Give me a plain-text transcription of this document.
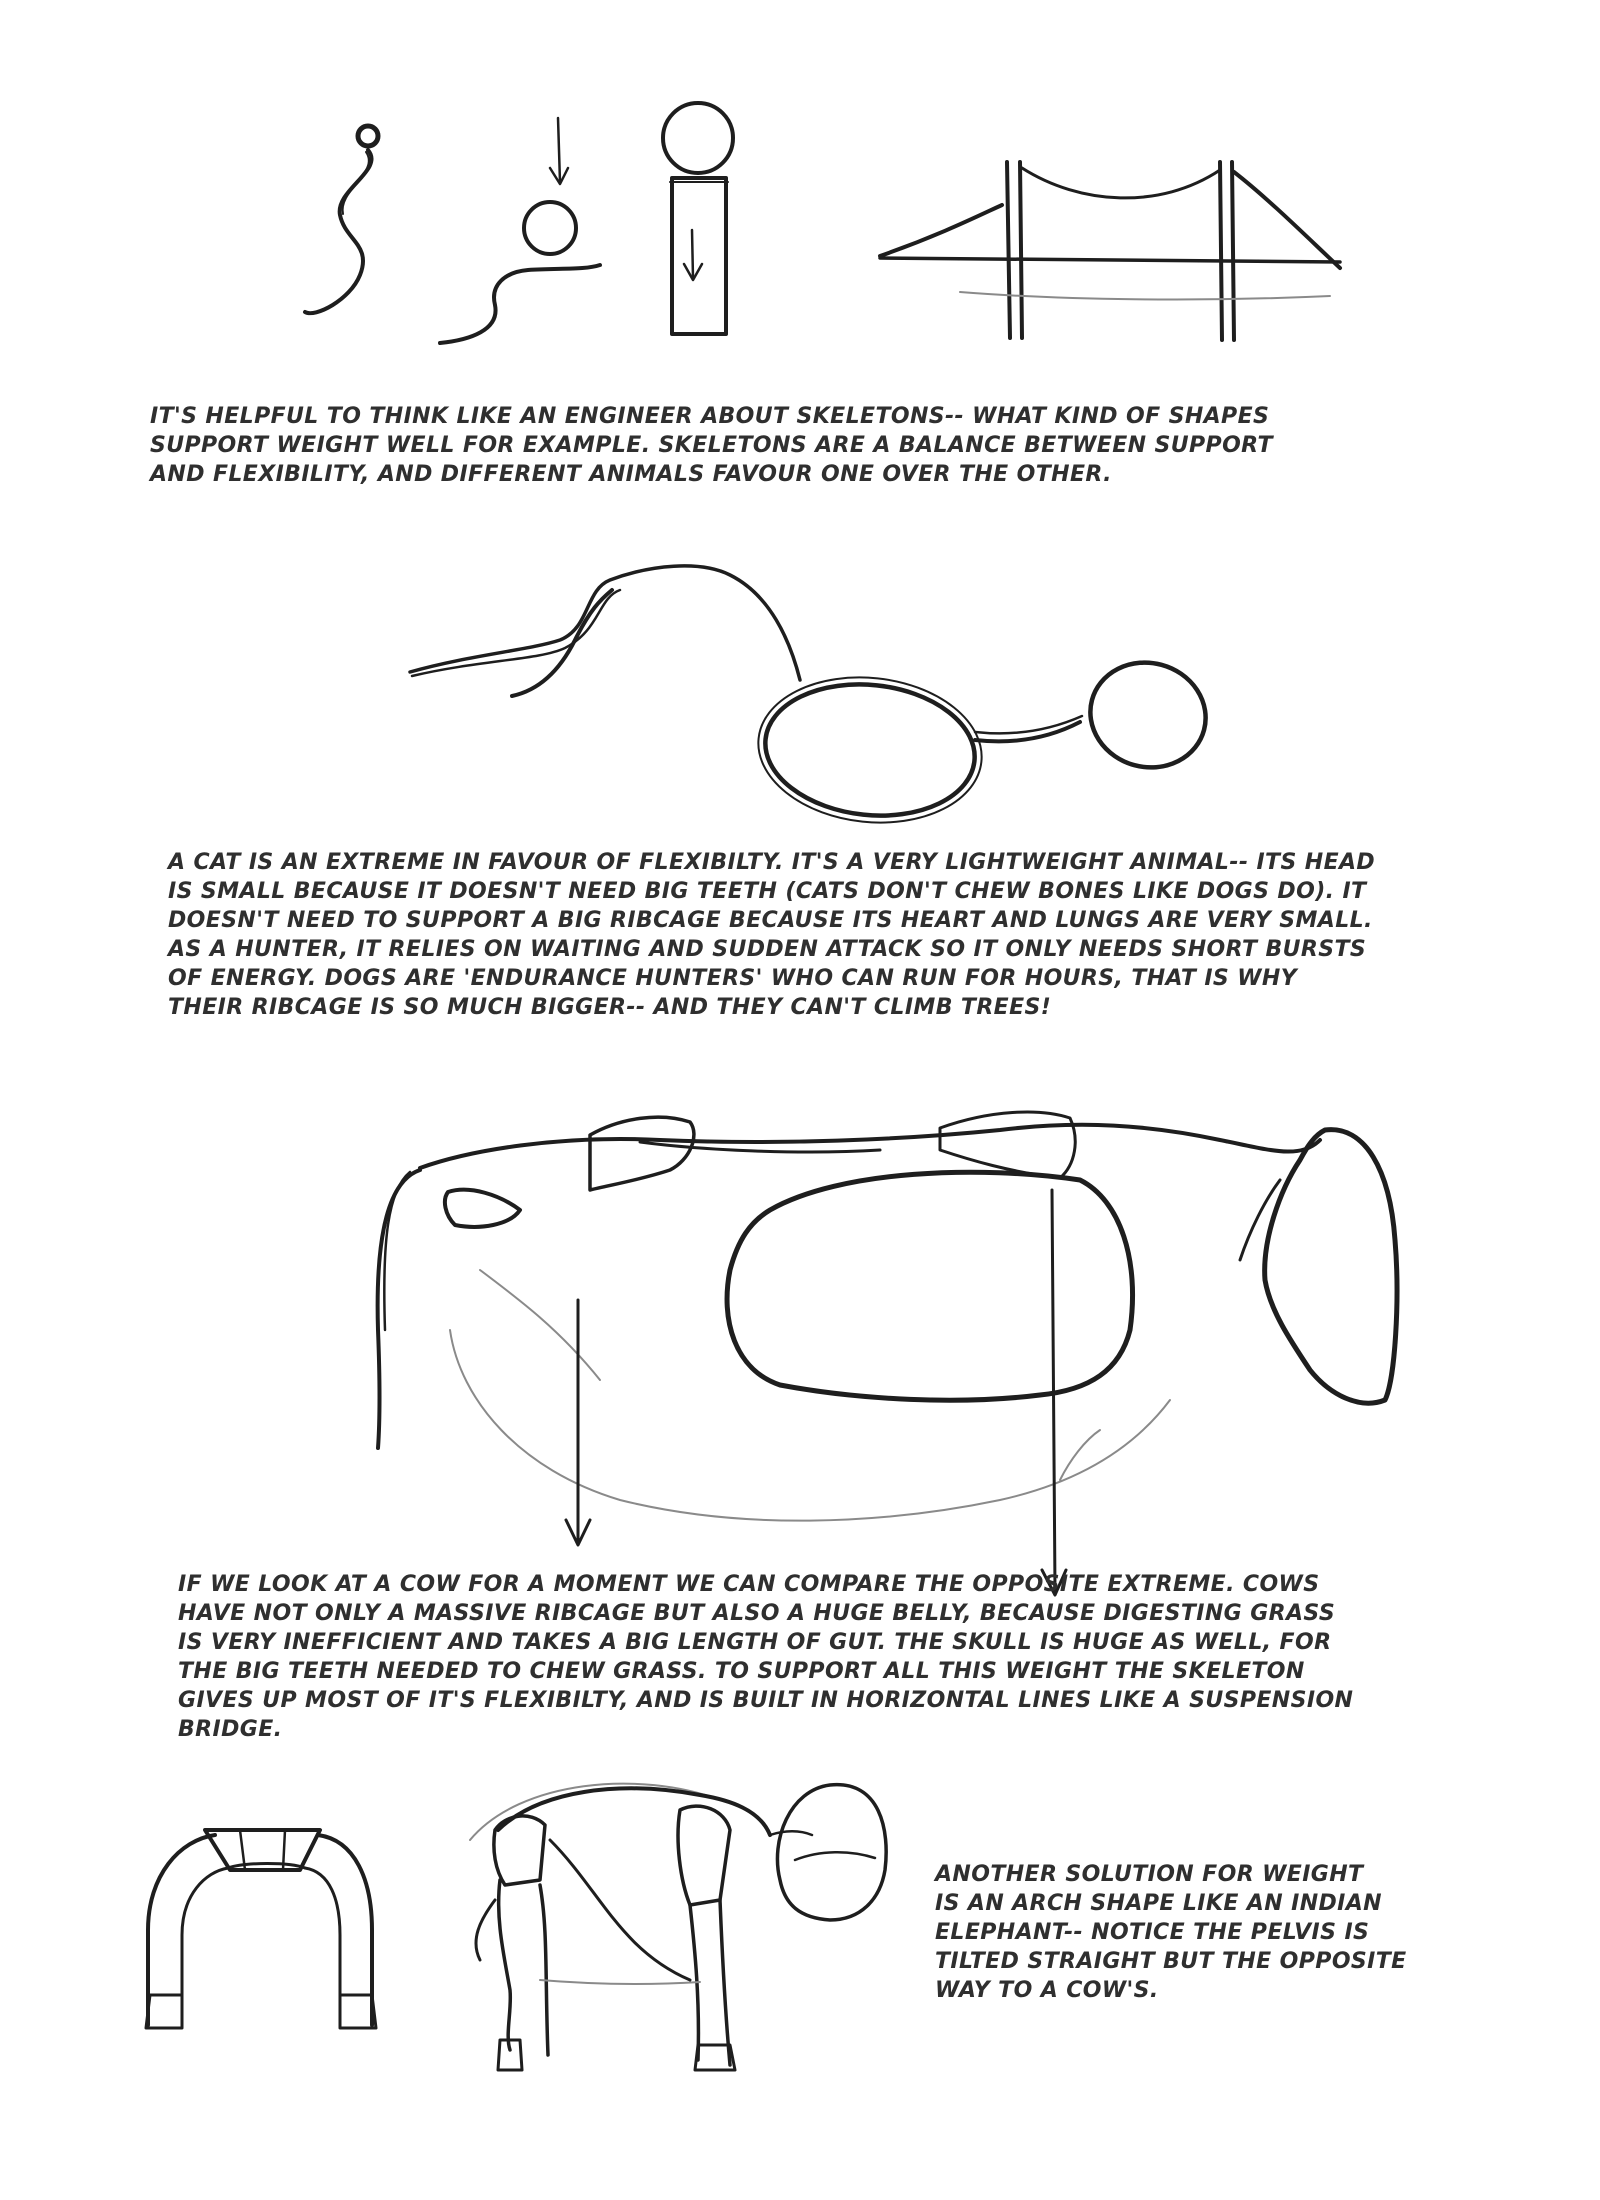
IT'S HELPFUL TO THINK LIKE AN ENGINEER ABOUT SKELETONS-- WHAT KIND OF SHAPES
SUPPORT WEIGHT WELL FOR EXAMPLE. SKELETONS ARE A BALANCE BETWEEN SUPPORT
AND FLEXIBILITY, AND DIFFERENT ANIMALS FAVOUR ONE OVER THE OTHER.
A CAT IS AN EXTREME IN FAVOUR OF FLEXIBILTY. IT'S A VERY LIGHTWEIGHT ANIMAL-- ITS HEAD
IS SMALL BECAUSE IT DOESN'T NEED BIG TEETH (CATS DON'T CHEW BONES LIKE DOGS DO). IT
DOESN'T NEED TO SUPPORT A BIG RIBCAGE BECAUSE ITS HEART AND LUNGS ARE VERY SMALL.
AS A HUNTER, IT RELIES ON WAITING AND SUDDEN ATTACK SO IT ONLY NEEDS SHORT BURSTS
OF ENERGY. DOGS ARE 'ENDURANCE HUNTERS' WHO CAN RUN FOR HOURS, THAT IS WHY
THEIR RIBCAGE IS SO MUCH BIGGER-- AND THEY CAN'T CLIMB TREES!
IF WE LOOK AT A COW FOR A MOMENT WE CAN COMPARE THE OPPOSITE EXTREME. COWS
HAVE NOT ONLY A MASSIVE RIBCAGE BUT ALSO A HUGE BELLY, BECAUSE DIGESTING GRASS
IS VERY INEFFICIENT AND TAKES A BIG LENGTH OF GUT. THE SKULL IS HUGE AS WELL, FOR
THE BIG TEETH NEEDED TO CHEW GRASS. TO SUPPORT ALL THIS WEIGHT THE SKELETON
GIVES UP MOST OF IT'S FLEXIBILTY, AND IS BUILT IN HORIZONTAL LINES LIKE A SUSPENSION
BRIDGE.
ANOTHER SOLUTION FOR WEIGHT
IS AN ARCH SHAPE LIKE AN INDIAN
ELEPHANT-- NOTICE THE PELVIS IS
TILTED STRAIGHT BUT THE OPPOSITE
WAY TO A COW'S.
